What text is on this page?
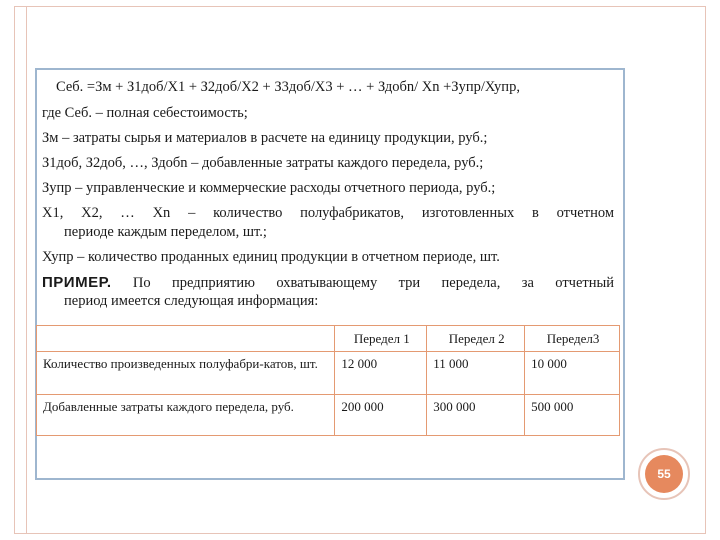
Себ. =Зм + З1доб/Х1 + З2доб/Х2 + З3доб/Х3 + … + Здобn/ Хn +Зупр/Хупр,
где Себ. – полная себестоимость;
Зм – затраты сырья и материалов в расчете на единицу продукции, руб.;
З1доб, З2доб, …, Здобn – добавленные затраты каждого передела, руб.;
Зупр – управленческие и коммерческие расходы отчетного периода, руб.;
Х1, Х2, … Хn – количество полуфабрикатов, изготовленных в отчетном
периоде каждым переделом, шт.;
Хупр – количество проданных единиц продукции в отчетном периоде, шт.
ПРИМЕР. По предприятию охватывающему три передела, за отчетный
период имеется следующая информация:
	Передел 1	Передел 2	Передел3
Количество произведенных полуфабри-катов, шт.	12 000	11 000	10 000
Добавленные затраты каждого передела, руб.	200 000	300 000	500 000
55
